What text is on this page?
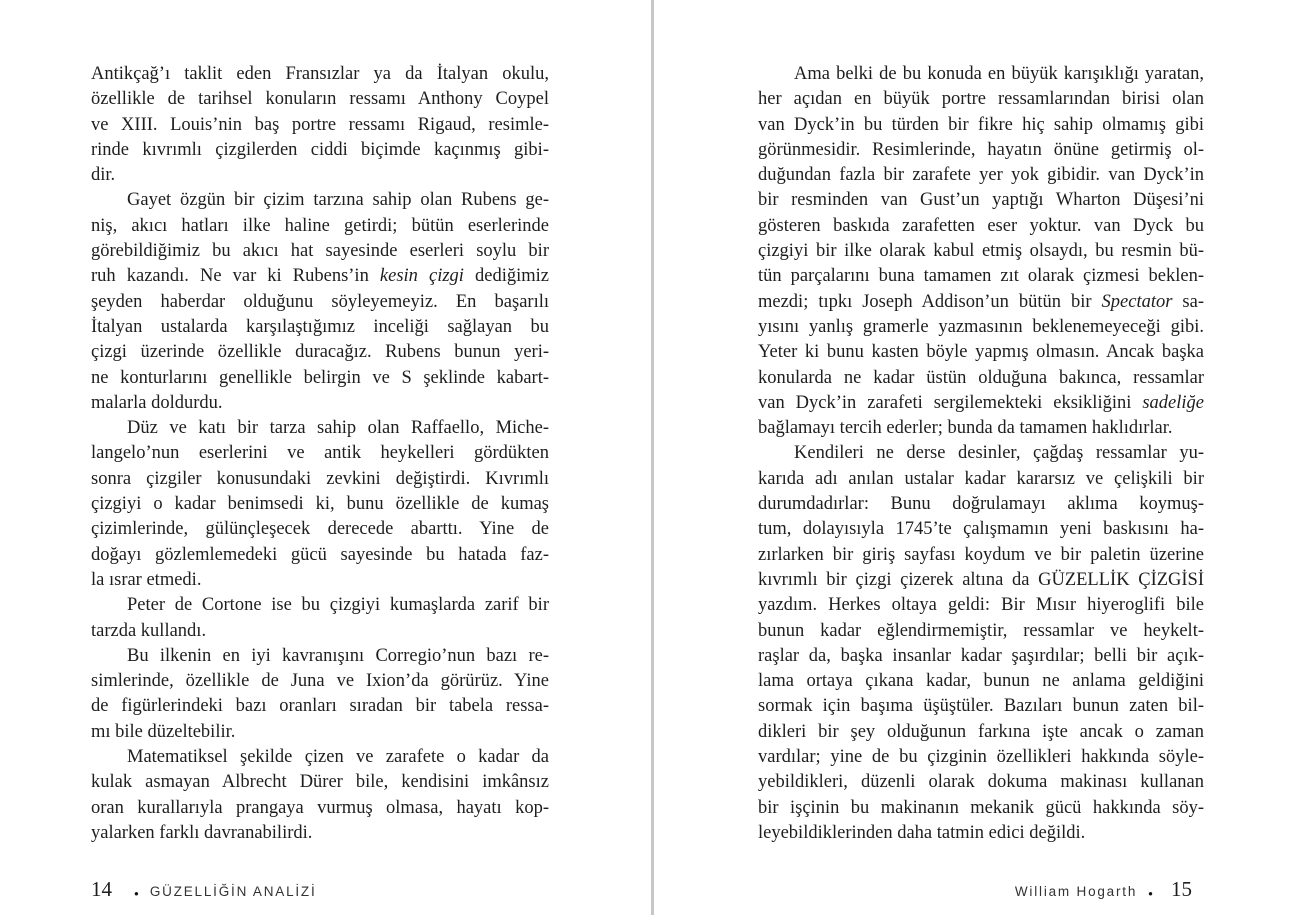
Antikçağ’ı taklit eden Fransızlar ya da İtalyan okulu,
özellikle de tarihsel konuların ressamı Anthony Coypel
ve XIII. Louis’nin baş portre ressamı Rigaud, resimle-
rinde kıvrımlı çizgilerden ciddi biçimde kaçınmış gibi-
dir.
Gayet özgün bir çizim tarzına sahip olan Rubens ge-
niş, akıcı hatları ilke haline getirdi; bütün eserlerinde
görebildiğimiz bu akıcı hat sayesinde eserleri soylu bir
ruh kazandı. Ne var ki Rubens’in kesin çizgi dediğimiz
şeyden haberdar olduğunu söyleyemeyiz. En başarılı
İtalyan ustalarda karşılaştığımız inceliği sağlayan bu
çizgi üzerinde özellikle duracağız. Rubens bunun yeri-
ne konturlarını genellikle belirgin ve S şeklinde kabart-
malarla doldurdu.
Düz ve katı bir tarza sahip olan Raffaello, Miche-
langelo’nun eserlerini ve antik heykelleri gördükten
sonra çizgiler konusundaki zevkini değiştirdi. Kıvrımlı
çizgiyi o kadar benimsedi ki, bunu özellikle de kumaş
çizimlerinde, gülünçleşecek derecede abarttı. Yine de
doğayı gözlemlemedeki gücü sayesinde bu hatada faz-
la ısrar etmedi.
Peter de Cortone ise bu çizgiyi kumaşlarda zarif bir
tarzda kullandı.
Bu ilkenin en iyi kavranışını Corregio’nun bazı re-
simlerinde, özellikle de Juna ve Ixion’da görürüz. Yine
de figürlerindeki bazı oranları sıradan bir tabela ressa-
mı bile düzeltebilir.
Matematiksel şekilde çizen ve zarafete o kadar da
kulak asmayan Albrecht Dürer bile, kendisini imkânsız
oran kurallarıyla prangaya vurmuş olmasa, hayatı kop-
yalarken farklı davranabilirdi.
Ama belki de bu konuda en büyük karışıklığı yaratan,
her açıdan en büyük portre ressamlarından birisi olan
van Dyck’in bu türden bir fikre hiç sahip olmamış gibi
görünmesidir. Resimlerinde, hayatın önüne getirmiş ol-
duğundan fazla bir zarafete yer yok gibidir. van Dyck’in
bir resminden van Gust’un yaptığı Wharton Düşesi’ni
gösteren baskıda zarafetten eser yoktur. van Dyck bu
çizgiyi bir ilke olarak kabul etmiş olsaydı, bu resmin bü-
tün parçalarını buna tamamen zıt olarak çizmesi beklen-
mezdi; tıpkı Joseph Addison’un bütün bir Spectator sa-
yısını yanlış gramerle yazmasının beklenemeyeceği gibi.
Yeter ki bunu kasten böyle yapmış olmasın. Ancak başka
konularda ne kadar üstün olduğuna bakınca, ressamlar
van Dyck’in zarafeti sergilemekteki eksikliğini sadeliğe
bağlamayı tercih ederler; bunda da tamamen haklıdırlar.
Kendileri ne derse desinler, çağdaş ressamlar yu-
karıda adı anılan ustalar kadar kararsız ve çelişkili bir
durumdadırlar: Bunu doğrulamayı aklıma koymuş-
tum, dolayısıyla 1745’te çalışmamın yeni baskısını ha-
zırlarken bir giriş sayfası koydum ve bir paletin üzerine
kıvrımlı bir çizgi çizerek altına da GÜZELLİK ÇİZGİSİ
yazdım. Herkes oltaya geldi: Bir Mısır hiyeroglifi bile
bunun kadar eğlendirmemiştir, ressamlar ve heykelt-
raşlar da, başka insanlar kadar şaşırdılar; belli bir açık-
lama ortaya çıkana kadar, bunun ne anlama geldiğini
sormak için başıma üşüştüler. Bazıları bunun zaten bil-
dikleri bir şey olduğunun farkına işte ancak o zaman
vardılar; yine de bu çizginin özellikleri hakkında söyle-
yebildikleri, düzenli olarak dokuma makinası kullanan
bir işçinin bu makinanın mekanik gücü hakkında söy-
leyebildiklerinden daha tatmin edici değildi.
14	● GÜZELLİĞİN ANALİZİ	William Hogarth ● 15
